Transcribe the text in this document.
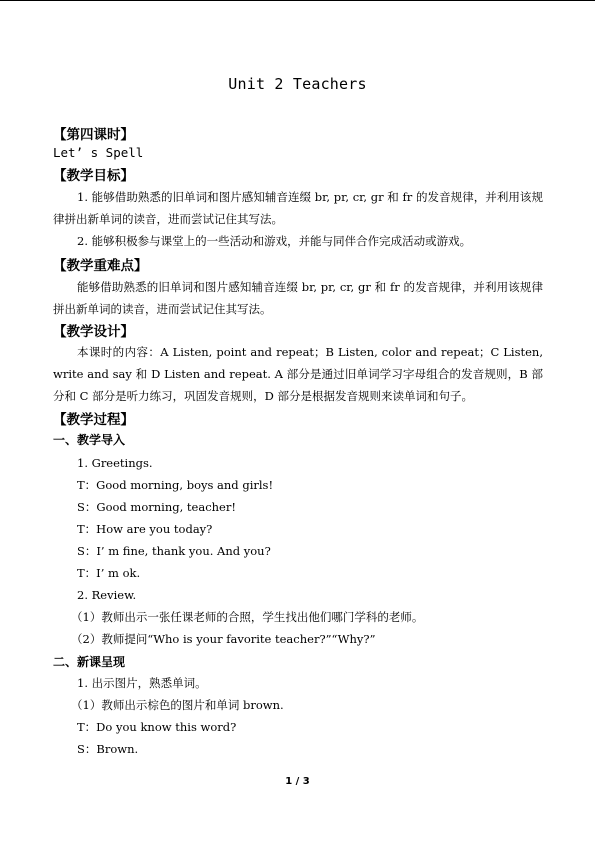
Unit 2 Teachers
【第四课时】
Let’ s Spell
【教学目标】
1. 能够借助熟悉的旧单词和图片感知辅音连缀 br, pr, cr, gr 和 fr 的发音规律，并利用该规律拼出新单词的读音，进而尝试记住其写法。
2. 能够积极参与课堂上的一些活动和游戏，并能与同伴合作完成活动或游戏。
【教学重难点】
能够借助熟悉的旧单词和图片感知辅音连缀 br, pr, cr, gr 和 fr 的发音规律，并利用该规律拼出新单词的读音，进而尝试记住其写法。
【教学设计】
本课时的内容：A Listen, point and repeat；B Listen, color and repeat；C Listen, write and say 和 D Listen and repeat. A 部分是通过旧单词学习字母组合的发音规则，B 部分和 C 部分是听力练习，巩固发音规则，D 部分是根据发音规则来读单词和句子。
【教学过程】
一、教学导入
1. Greetings.
T：Good morning, boys and girls!
S：Good morning, teacher!
T：How are you today?
S：I’ m fine, thank you. And you?
T：I’ m ok.
2. Review.
（1）教师出示一张任课老师的合照，学生找出他们哪门学科的老师。
（2）教师提问“Who is your favorite teacher?”“Why?”
二、新课呈现
1. 出示图片，熟悉单词。
（1）教师出示棕色的图片和单词 brown.
T：Do you know this word?
S：Brown.
1 / 3
